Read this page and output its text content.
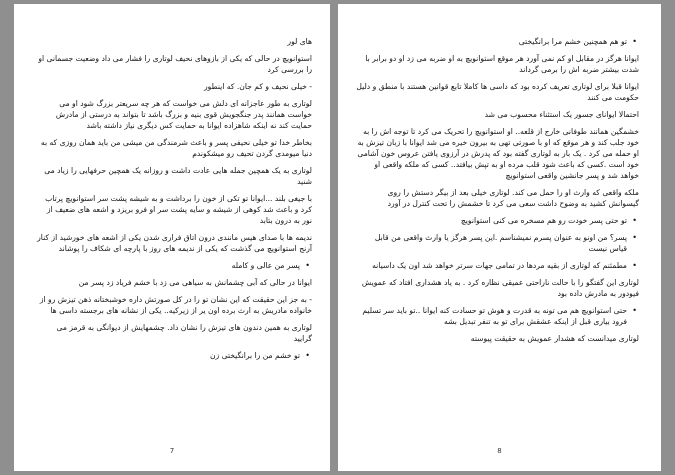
های لور

استوانویچ در حالی که یکی از بازوهای نحیف لوتاری را فشار می داد وضعیت جسمانی او را بررسی کرد

- خیلی نحیف و کم جان. که اینطور

لوتاری به طور عاجزانه ای دلش می خواست که هر چه سریعتر بزرگ شود او می خواست همانند پدر جنگجویش قوی بنیه و بزرگ باشد تا بتواند به درستی از مادرش حمایت کند نه اینکه شاهزاده ایوانا به حمایت کس دیگری نیاز داشته باشد

بخاطر خدا تو خیلی نحیفی پسر و باعث شرمندگی من میشی من باید همان روزی که به دنیا میومدی گردن تحیف رو میشکوندم

لوتاری به یک همچین جمله هایی عادت داشت و روزانه یک همچین حرفهایی را زیاد می شنید

با جیغی بلند ...ایوانا تو تکی از خون را برداشت و به شیشه پشت سر استوانویچ پرتاب کرد و باعث شد کوهی از شیشه و سایه پشت سر او فرو بریزد و اشعه های ضعیف از نور به درون بتابد

ندیمه ها با صدای هیس مانندی درون اتاق فراری شدن یکی از اشعه های خورشید از کنار آرنج استوانویچ می گذشت که یکی از ندیمه های روز با پارچه ای شکاف را پوشاند

• پسر من عالی و کامله

ایوانا در حالی که آبی چشمانش به سیاهی می زد با خشم فریاد زد پسر من

- به جز این حقیقت که این نشان تو را در کل صورتش داره خوشبختانه ذهن تیزش رو از خانواده مادریش به ارث برده اون یر از زیرکیه.. یکی از نشانه های برجسته داسی ها

لوتاری به همین دندون های تیزش را نشان داد. چشمهایش از دیوانگی به قرمز می گرایید

• تو خشم من را برانگیختی زن

7

• تو هم همچنین خشم مرا برانگیختی

ایوانا هرگز در مقابل او کم نمی آورد هر موقع استوانویچ به او ضربه می زد او دو برابر با شدت بیشتر ضربه اش را برمی گرداند

ایوانا قبلا برای لوتاری تعریف کرده بود که داسی ها کاملا تابع قوانین هستند با منطق و دلیل حکومت می کنند

احتمالا ایوانای جسور یک استثناء محسوب می شد

خشمگین همانند طوفانی خارج از قلعه.. او استوانویچ را تحریک می کرد تا توجه اش را به خود جلب کند و هر موقع که او با صورتی تهی به بیرون خیره می شد ایوانا با زبان تیزش به او حمله می کرد . یک بار به لوتاری گفته بود که پدرش در آرزوی یافتن عروس خون آشامی خود است .کسی که باعث شود قلب مرده او به تپش بیافتد.. کسی که ملکه واقعی او خواهد شد و پسر جانشین واقعی استوانویچ

ملکه واقعی که وارث او را حمل می کند. لوتاری خیلی بعد از بیگر دستش را روی گیسوانش کشید به وضوح داشت سعی می کرد تا خشمش را تحت کنترل در آورد

• تو حتی پسر خودت رو هم مسخره می کنی استوانویچ

• پسر؟ من اونو به عنوان پسرم نمیشناسم .این پسر هرگز یا وارث واقعی من قابل قیاس نیست

• مطمئنم که لوتاری از بقیه مردها در تمامی جهات سرتر خواهد شد اون یک داسیانه

لوتاری این گفتگو را با حالت ناراحتی عمیقی نظاره کرد . به یاد هشداری افتاد که عمویش فیودور به مادرش داده بود

• حتی استوانویچ هم می تونه به قدرت و هوش تو حسادت کنه ایوانا ..تو باید سر تسلیم فرود بیاری قبل از اینکه عشقش برای تو به تنفر تبدیل بشه

لوتاری میدانست که هشدار عمویش به حقیقت پیوسته

8
